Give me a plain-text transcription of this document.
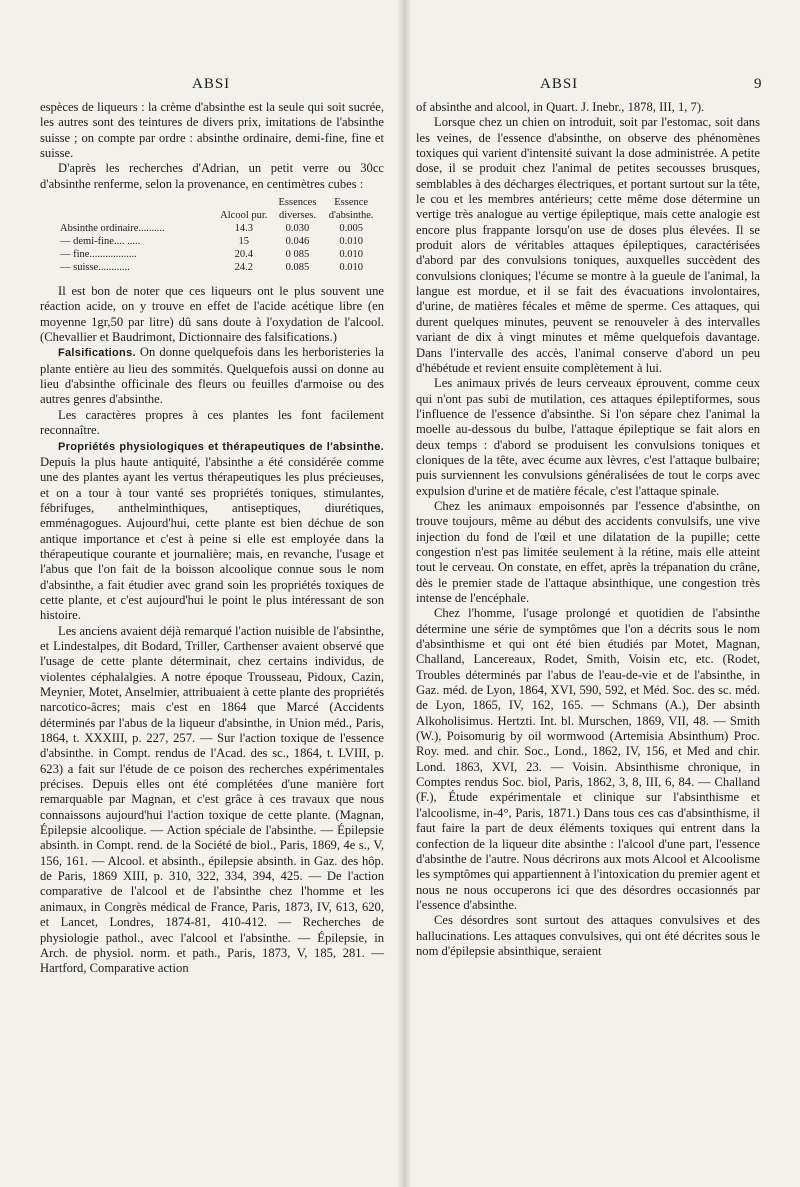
ABSI	ABSI	9

espèces de liqueurs : la crème d'absinthe est la seule qui soit sucrée, les autres sont des teintures de divers prix, imitations de l'absinthe suisse ; on compte par ordre : absinthe ordinaire, demi-fine, fine et suisse.

D'après les recherches d'Adrian, un petit verre ou 30cc d'absinthe renferme, selon la provenance, en centimètres cubes :

	Alcool pur.	Essences diverses.	Essence d'absinthe.
Absinthe ordinaire..........	14.3	0.030	0.005
— demi-fine.... .....	15	0.046	0.010
— fine..................	20.4	0 085	0.010
— suisse............	24.2	0.085	0.010

Il est bon de noter que ces liqueurs ont le plus souvent une réaction acide, on y trouve en effet de l'acide acétique libre (en moyenne 1gr,50 par litre) dû sans doute à l'oxydation de l'alcool. (Chevallier et Baudrimont, Dictionnaire des falsifications.)

Falsifications. On donne quelquefois dans les herboristeries la plante entière au lieu des sommités. Quelquefois aussi on donne au lieu d'absinthe officinale des fleurs ou feuilles d'armoise ou des autres genres d'absinthe.

Les caractères propres à ces plantes les font facilement reconnaître.

Propriétés physiologiques et thérapeutiques de l'absinthe. Depuis la plus haute antiquité, l'absinthe a été considérée comme une des plantes ayant les vertus thérapeutiques les plus précieuses, et on a tour à tour vanté ses propriétés toniques, stimulantes, fébrifuges, anthelminthiques, antiseptiques, diurétiques, emménagogues. Aujourd'hui, cette plante est bien déchue de son antique importance et c'est à peine si elle est employée dans la thérapeutique courante et journalière; mais, en revanche, l'usage et l'abus que l'on fait de la boisson alcoolique connue sous le nom d'absinthe, a fait étudier avec grand soin les propriétés toxiques de cette plante, et c'est aujourd'hui le point le plus intéressant de son histoire.

Les anciens avaient déjà remarqué l'action nuisible de l'absinthe, et Lindestalpes, dit Bodard, Triller, Carthenser avaient observé que l'usage de cette plante déterminait, chez certains individus, de violentes céphalalgies. A notre époque Trousseau, Pidoux, Cazin, Meynier, Motet, Anselmier, attribuaient à cette plante des propriétés narcotico-âcres; mais c'est en 1864 que Marcé (Accidents déterminés par l'abus de la liqueur d'absinthe, in Union méd., Paris, 1864, t. XXXIII, p. 227, 257. — Sur l'action toxique de l'essence d'absinthe. in Compt. rendus de l'Acad. des sc., 1864, t. LVIII, p. 623) a fait sur l'étude de ce poison des recherches expérimentales précises. Depuis elles ont été complétées d'une manière fort remarquable par Magnan, et c'est grâce à ces travaux que nous connaissons aujourd'hui l'action toxique de cette plante. (Magnan, Épilepsie alcoolique. — Action spéciale de l'absinthe. — Épilepsie absinth. in Compt. rend. de la Société de biol., Paris, 1869, 4e s., V, 156, 161. — Alcool. et absinth., épilepsie absinth. in Gaz. des hôp. de Paris, 1869 XIII, p. 310, 322, 334, 394, 425. — De l'action comparative de l'alcool et de l'absinthe chez l'homme et les animaux, in Congrès médical de France, Paris, 1873, IV, 613, 620, et Lancet, Londres, 1874-81, 410-412. — Recherches de physiologie pathol., avec l'alcool et l'absinthe. — Épilepsie, in Arch. de physiol. norm. et path., Paris, 1873, V, 185, 281. — Hartford, Comparative action

of absinthe and alcool, in Quart. J. Inebr., 1878, III, 1, 7).

Lorsque chez un chien on introduit, soit par l'estomac, soit dans les veines, de l'essence d'absinthe, on observe des phénomènes toxiques qui varient d'intensité suivant la dose administrée. A petite dose, il se produit chez l'animal de petites secousses brusques, semblables à des décharges électriques, et portant surtout sur la tête, le cou et les membres antérieurs; cette même dose détermine un vertige très analogue au vertige épileptique, mais cette analogie est encore plus frappante lorsqu'on use de doses plus élevées. Il se produit alors de véritables attaques épileptiques, caractérisées d'abord par des convulsions toniques, auxquelles succèdent des convulsions cloniques; l'écume se montre à la gueule de l'animal, la langue est mordue, et il se fait des évacuations involontaires, d'urine, de matières fécales et même de sperme. Ces attaques, qui durent quelques minutes, peuvent se renouveler à des intervalles variant de dix à vingt minutes et même quelquefois davantage. Dans l'intervalle des accès, l'animal conserve d'abord un peu d'hébétude et revient ensuite complètement à lui.

Les animaux privés de leurs cerveaux éprouvent, comme ceux qui n'ont pas subi de mutilation, ces attaques épileptiformes, sous l'influence de l'essence d'absinthe. Si l'on sépare chez l'animal la moelle au-dessous du bulbe, l'attaque épileptique se fait alors en deux temps : d'abord se produisent les convulsions toniques et cloniques de la tête, avec écume aux lèvres, c'est l'attaque bulbaire; puis surviennent les convulsions généralisées de tout le corps avec expulsion d'urine et de matière fécale, c'est l'attaque spinale.

Chez les animaux empoisonnés par l'essence d'absinthe, on trouve toujours, même au début des accidents convulsifs, une vive injection du fond de l'œil et une dilatation de la pupille; cette congestion n'est pas limitée seulement à la rétine, mais elle atteint tout le cerveau. On constate, en effet, après la trépanation du crâne, dès le premier stade de l'attaque absinthique, une congestion très intense de l'encéphale.

Chez l'homme, l'usage prolongé et quotidien de l'absinthe détermine une série de symptômes que l'on a décrits sous le nom d'absinthisme et qui ont été bien étudiés par Motet, Magnan, Challand, Lancereaux, Rodet, Smith, Voisin etc, etc. (Rodet, Troubles déterminés par l'abus de l'eau-de-vie et de l'absinthe, in Gaz. méd. de Lyon, 1864, XVI, 590, 592, et Méd. Soc. des sc. méd. de Lyon, 1865, IV, 162, 165. — Schmans (A.), Der absinth Alkoholisimus. Hertzti. Int. bl. Murschen, 1869, VII, 48. — Smith (W.), Poisomurig by oil wormwood (Artemisia Absinthum) Proc. Roy. med. and chir. Soc., Lond., 1862, IV, 156, et Med and chir. Lond. 1863, XVI, 23. — Voisin. Absinthisme chronique, in Comptes rendus Soc. biol, Paris, 1862, 3, 8, III, 6, 84. — Challand (F.), Étude expérimentale et clinique sur l'absinthisme et l'alcoolisme, in-4°, Paris, 1871.) Dans tous ces cas d'absinthisme, il faut faire la part de deux éléments toxiques qui entrent dans la confection de la liqueur dite absinthe : l'alcool d'une part, l'essence d'absinthe de l'autre. Nous décrirons aux mots Alcool et Alcoolisme les symptômes qui appartiennent à l'intoxication du premier agent et nous ne nous occuperons ici que des désordres occasionnés par l'essence d'absinthe.

Ces désordres sont surtout des attaques convulsives et des hallucinations. Les attaques convulsives, qui ont été décrites sous le nom d'épilepsie absinthique, seraient
